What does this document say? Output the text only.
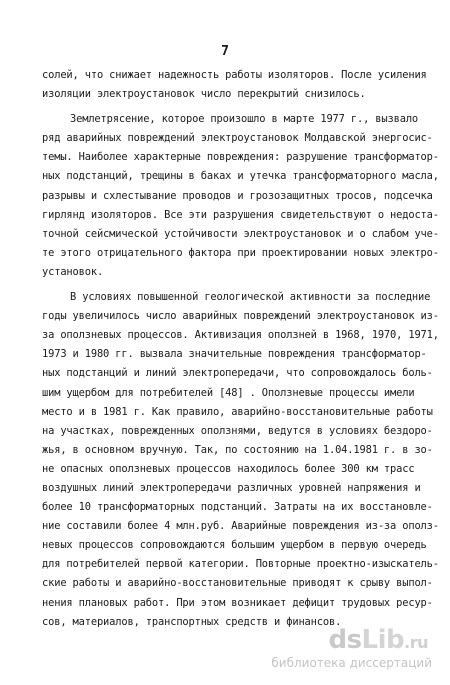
7
солей, что снижает надежность работы изоляторов. После усиления
изоляции электроустановок число перекрытий снизилось.
Землетрясение, которое произошло в марте 1977 г., вызвало
ряд аварийных повреждений электроустановок Молдавской энергосис-
темы. Наиболее характерные повреждения: разрушение трансформатор-
ных подстанций, трещины в баках и утечка трансформаторного масла,
разрывы и схлестывание проводов и грозозащитных тросов, подсечка
гирлянд изоляторов. Все эти разрушения свидетельствуют о недоста-
точной сейсмической устойчивости электроустановок и о слабом уче-
те этого отрицательного фактора при проектировании новых электро-
установок.
В условиях повышенной геологической активности за последние
годы увеличилось число аварийных повреждений электроустановок из-
за оползневых процессов. Активизация оползней в 1968, 1970, 1971,
1973 и 1980 гг. вызвала значительные повреждения трансформатор-
ных подстанций и линий электропередачи, что сопровождалось боль-
шим ущербом для потребителей [48] . Оползневые процессы имели
место и в 1981 г. Как правило, аварийно-восстановительные работы
на участках, поврежденных оползнями, ведутся в условиях бездоро-
жья, в основном вручную. Так, по состоянию на 1.04.1981 г. в зо-
не опасных оползневых процессов находилось более 300 км трасс
воздушных линий электропередачи различных уровней напряжения и
более 10 трансформаторных подстанций. Затраты на их восстановле-
ние составили более 4 млн.руб. Аварийные повреждения из-за ополз-
невых процессов сопровождаются большим ущербом в первую очередь
для потребителей первой категории. Повторные проектно-изыскатель-
ские работы и аварийно-восстановительные приводят к срыву выпол-
нения плановых работ. При этом возникает дефицит трудовых ресур-
сов, материалов, транспортных средств и финансов.
dsLib.ru
библиотека диссертаций
